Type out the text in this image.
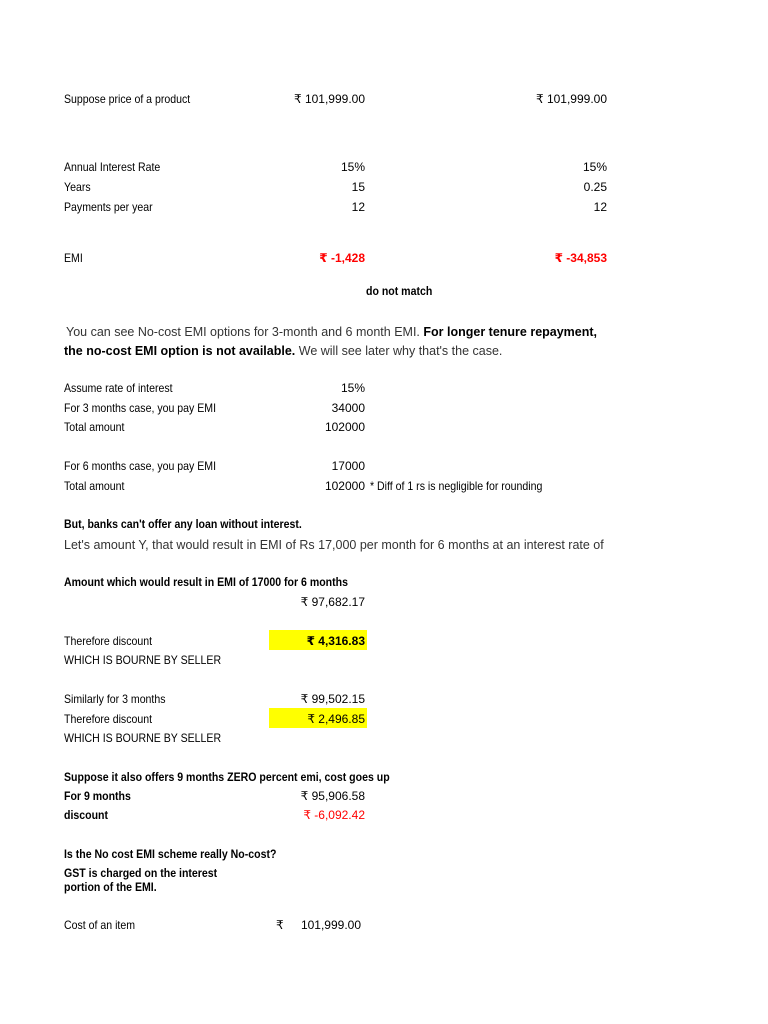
Suppose price of a product	₹ 101,999.00	₹ 101,999.00
Annual Interest Rate	15%	15%
Years	15	0.25
Payments per year	12	12
EMI	₹ -1,428	₹ -34,853
do not match
You can see No-cost EMI options for 3-month and 6 month EMI. For longer tenure repayment,
the no-cost EMI option is not available. We will see later why that's the case.
Assume rate of interest	15%
For 3 months case, you pay EMI	34000
Total amount	102000
For 6 months case, you pay EMI	17000
Total amount	102000 * Diff of 1 rs is negligible for rounding
But, banks can't offer any loan without interest.
Let's amount Y, that would result in EMI of Rs 17,000 per month for 6 months at an interest rate of
Amount which would result in EMI of 17000 for 6 months
₹ 97,682.17
Therefore discount	₹ 4,316.83
WHICH IS BOURNE BY SELLER
Similarly for 3 months	₹ 99,502.15
Therefore discount	₹ 2,496.85
WHICH IS BOURNE BY SELLER
Suppose it also offers 9 months ZERO percent emi, cost goes up
For 9 months	₹ 95,906.58
discount	₹ -6,092.42
Is the No cost EMI scheme really No-cost?
GST is charged on the interest
portion of the EMI.
Cost of an item	₹	101,999.00
